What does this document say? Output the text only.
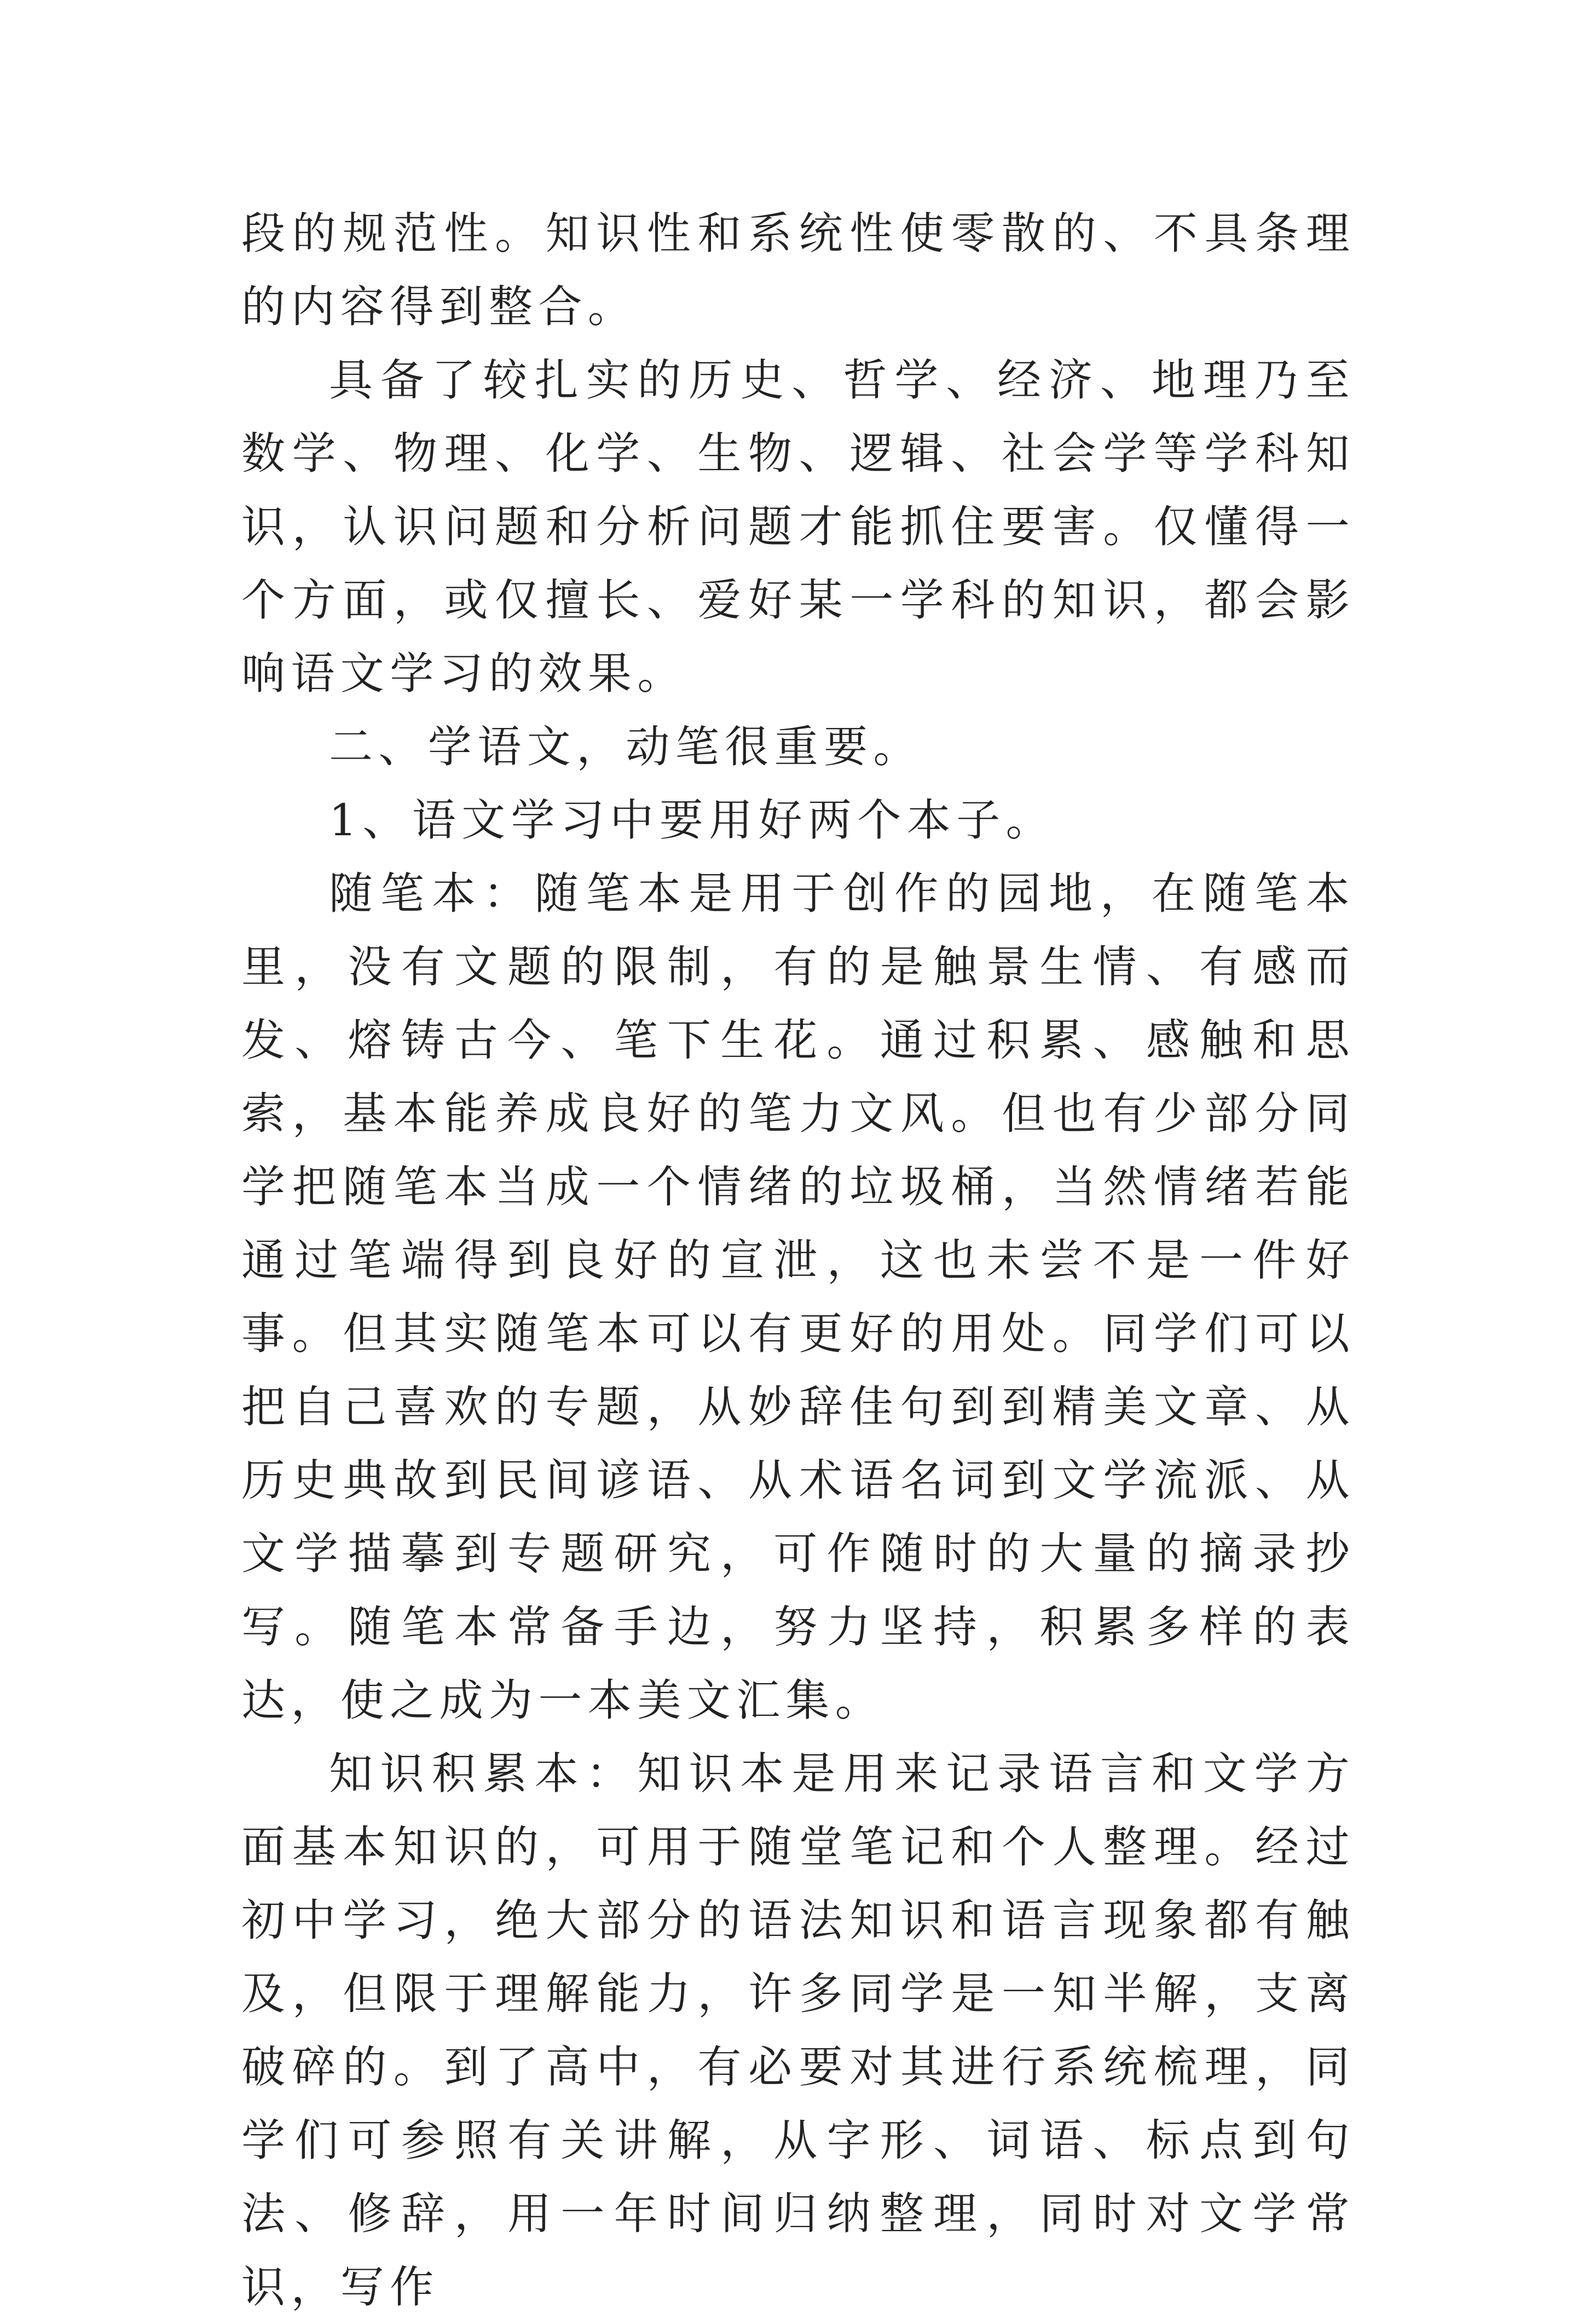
段的规范性。知识性和系统性使零散的、不具条理的内容得到整合。

具备了较扎实的历史、哲学、经济、地理乃至数学、物理、化学、生物、逻辑、社会学等学科知识，认识问题和分析问题才能抓住要害。仅懂得一个方面，或仅擅长、爱好某一学科的知识，都会影响语文学习的效果。

二、学语文，动笔很重要。

1、语文学习中要用好两个本子。

随笔本：随笔本是用于创作的园地，在随笔本里，没有文题的限制，有的是触景生情、有感而发、熔铸古今、笔下生花。通过积累、感触和思索，基本能养成良好的笔力文风。但也有少部分同学把随笔本当成一个情绪的垃圾桶，当然情绪若能通过笔端得到良好的宣泄，这也未尝不是一件好事。但其实随笔本可以有更好的用处。同学们可以把自己喜欢的专题，从妙辞佳句到到精美文章、从历史典故到民间谚语、从术语名词到文学流派、从文学描摹到专题研究，可作随时的大量的摘录抄写。随笔本常备手边，努力坚持，积累多样的表达，使之成为一本美文汇集。

知识积累本：知识本是用来记录语言和文学方面基本知识的，可用于随堂笔记和个人整理。经过初中学习，绝大部分的语法知识和语言现象都有触及，但限于理解能力，许多同学是一知半解，支离破碎的。到了高中，有必要对其进行系统梳理，同学们可参照有关讲解，从字形、词语、标点到句法、修辞，用一年时间归纳整理，同时对文学常识，写作
